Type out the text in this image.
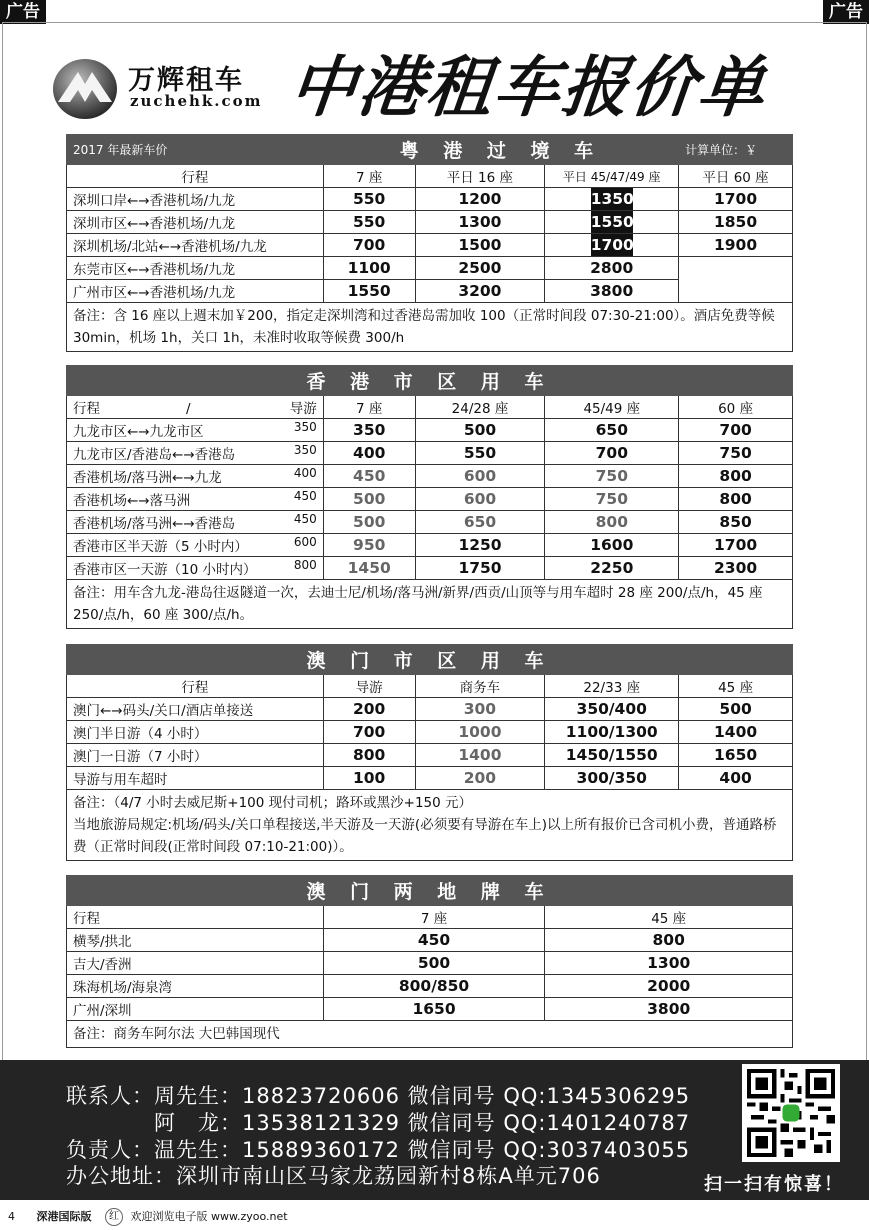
广告	广告
万辉租车
zuchehk.com 中港租车报价单
2017 年最新车价	粤 港 过 境 车			计算单位：￥
行程	7 座	平日 16 座	平日 45/47/49 座	平日 60 座
深圳口岸←→香港机场/九龙	550	1200	1350	1700
深圳市区←→香港机场/九龙	550	1300	1550	1850
深圳机场/北站←→香港机场/九龙	700	1500	1700	1900
东莞市区←→香港机场/九龙	1100	2500	2800	
广州市区←→香港机场/九龙	1550	3200	3800	
备注：含 16 座以上週末加￥200，指定走深圳湾和过香港岛需加收 100（正常时间段 07:30-21:00）。酒店免费等候 30min，机场 1h，关口 1h，未准时收取等候费 300/h				
香 港 市 区 用 车				
行程 / 导游	7 座	24/28 座	45/49 座	60 座
九龙市区←→九龙市区 350	350	500	650	700
九龙市区/香港岛←→香港岛 350	400	550	700	750
香港机场/落马洲←→九龙 400	450	600	750	800
香港机场←→落马洲 450	500	600	750	800
香港机场/落马洲←→香港岛 450	500	650	800	850
香港市区半天游（5 小时内） 600	950	1250	1600	1700
香港市区一天游（10 小时内） 800	1450	1750	2250	2300
备注：用车含九龙-港岛往返隧道一次，去迪士尼/机场/落马洲/新界/西贡/山顶等与用车超时 28 座 200/点/h，45 座 250/点/h，60 座 300/点/h。				
澳 门 市 区 用 车				
行程	导游	商务车	22/33 座	45 座
澳门←→码头/关口/酒店单接送	200	300	350/400	500
澳门半日游（4 小时）	700	1000	1100/1300	1400
澳门一日游（7 小时）	800	1400	1450/1550	1650
导游与用车超时	100	200	300/350	400

备注：（4/7 小时去威尼斯+100 现付司机；路环或黑沙+150 元）
当地旅游局规定:机场/码头/关口单程接送,半天游及一天游(必须要有导游在车上)以上所有报价已含司机小费，普通路桥费（正常时间段(正常时间段 07:10-21:00)）。				
澳 门 两 地 牌 车		
行程	7 座	45 座
横琴/拱北	450	800
吉大/香洲	500	1300
珠海机场/海泉湾	800/850	2000
广州/深圳	1650	3800
备注：商务车阿尔法 大巴韩国现代		
联系人：周先生：18823720606 微信同号 QQ:1345306295
　　　　阿　龙：13538121329 微信同号 QQ:1401240787
负责人：温先生：15889360172 微信同号 QQ:3037403055
办公地址：深圳市南山区马家龙荔园新村8栋A单元706	扫一扫有惊喜！
4 深港国际版 红 欢迎浏览电子版 www.zyoo.net
